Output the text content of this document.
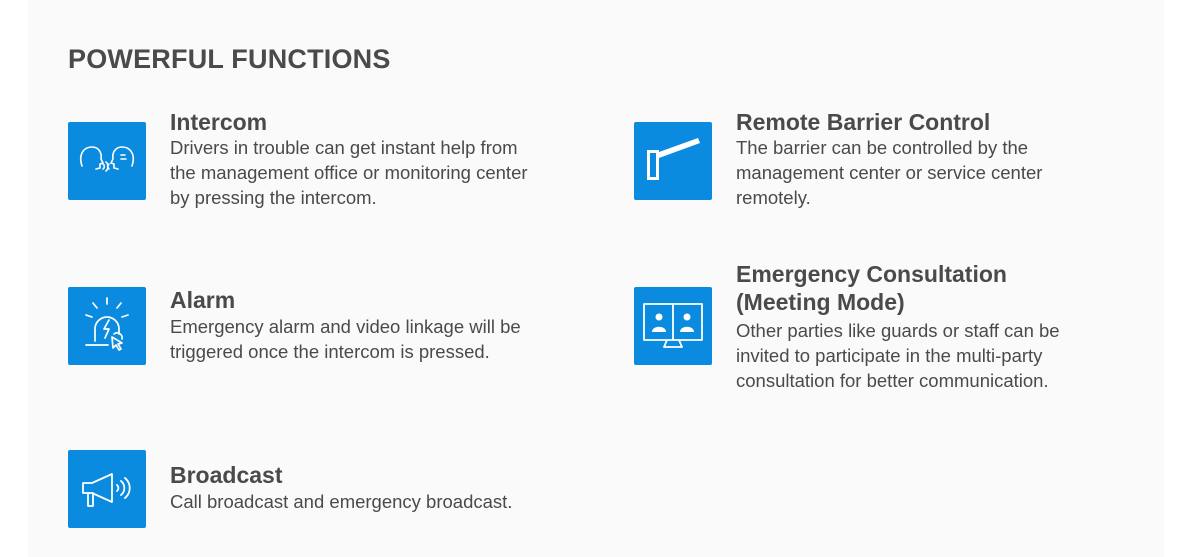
POWERFUL FUNCTIONS
Intercom
Drivers in trouble can get instant help from
the management office or monitoring center
by pressing the intercom.
Remote Barrier Control
The barrier can be controlled by the
management center or service center
remotely.
Alarm
Emergency alarm and video linkage will be
triggered once the intercom is pressed.
Emergency Consultation
(Meeting Mode)
Other parties like guards or staff can be
invited to participate in the multi-party
consultation for better communication.
Broadcast
Call broadcast and emergency broadcast.
